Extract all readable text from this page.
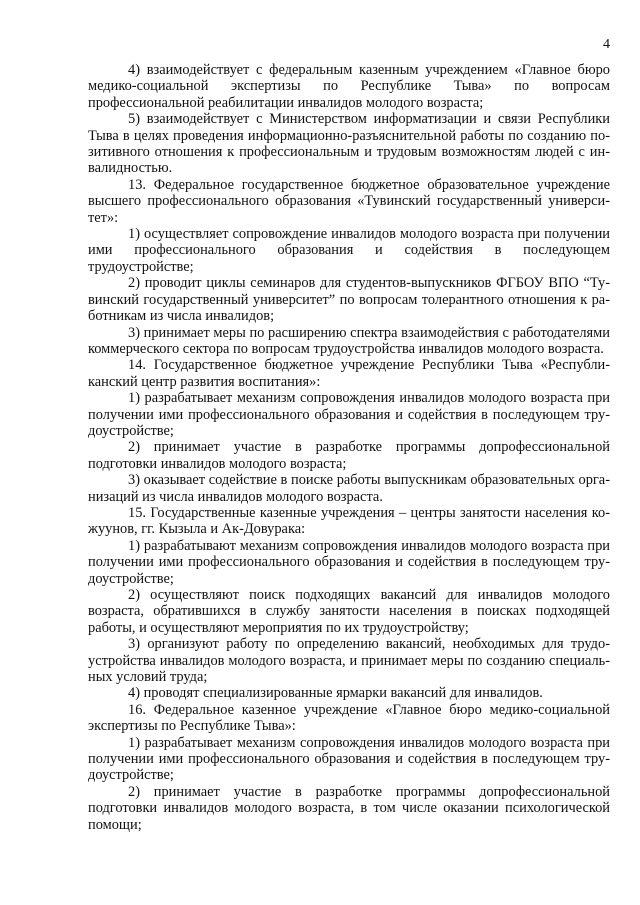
4

4) взаимодействует с федеральным казенным учреждением «Главное бюро медико-социальной экспертизы по Республике Тыва» по вопросам профессиональной реабилитации инвалидов молодого возраста;

5) взаимодействует с Министерством информатизации и связи Республики Тыва в целях проведения информационно-разъяснительной работы по созданию позитивного отношения к профессиональным и трудовым возможностям людей с инвалидностью.

13. Федеральное государственное бюджетное образовательное учреждение высшего профессионального образования «Тувинский государственный университет»:

1) осуществляет сопровождение инвалидов молодого возраста при получении ими профессионального образования и содействия в последующем трудоустройстве;

2) проводит циклы семинаров для студентов-выпускников ФГБОУ ВПО “Тувинский государственный университет” по вопросам толерантного отношения к работникам из числа инвалидов;

3) принимает меры по расширению спектра взаимодействия с работодателями коммерческого сектора по вопросам трудоустройства инвалидов молодого возраста.

14. Государственное бюджетное учреждение Республики Тыва «Республиканский центр развития воспитания»:

1) разрабатывает механизм сопровождения инвалидов молодого возраста при получении ими профессионального образования и содействия в последующем трудоустройстве;

2) принимает участие в разработке программы допрофессиональной подготовки инвалидов молодого возраста;

3) оказывает содействие в поиске работы выпускникам образовательных организаций из числа инвалидов молодого возраста.

15. Государственные казенные учреждения – центры занятости населения кожуунов, гг. Кызыла и Ак-Довурака:

1) разрабатывают механизм сопровождения инвалидов молодого возраста при получении ими профессионального образования и содействия в последующем трудоустройстве;

2) осуществляют поиск подходящих вакансий для инвалидов молодого возраста, обратившихся в службу занятости населения в поисках подходящей работы, и осуществляют мероприятия по их трудоустройству;

3) организуют работу по определению вакансий, необходимых для трудоустройства инвалидов молодого возраста, и принимает меры по созданию специальных условий труда;

4) проводят специализированные ярмарки вакансий для инвалидов.

16. Федеральное казенное учреждение «Главное бюро медико-социальной экспертизы по Республике Тыва»:

1) разрабатывает механизм сопровождения инвалидов молодого возраста при получении ими профессионального образования и содействия в последующем трудоустройстве;

2) принимает участие в разработке программы допрофессиональной подготовки инвалидов молодого возраста, в том числе оказании психологической помощи;
